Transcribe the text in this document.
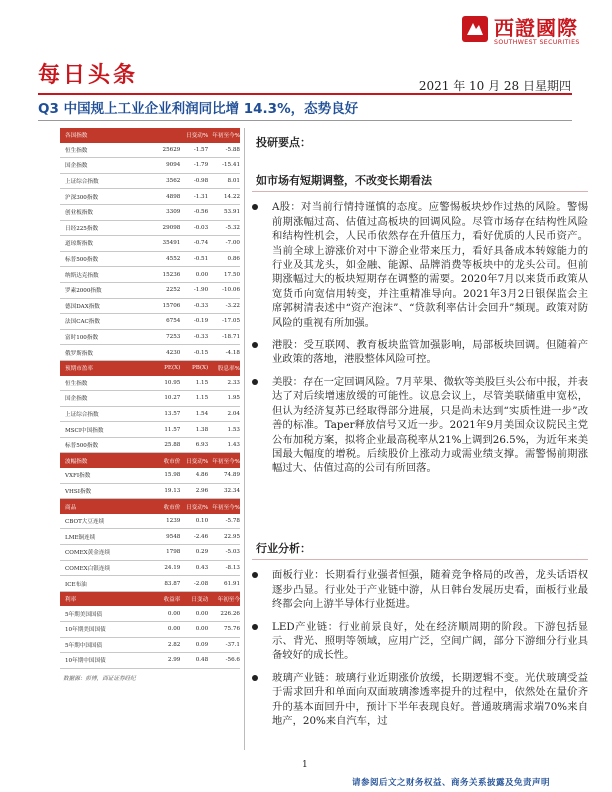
西證國際
SOUTHWEST SECURITIES
每日头条	2021 年 10 月 28 日星期四
Q3 中国规上工业企业利润同比增 14.3%，态势良好
各国指数	日变动% 年初至今%
恒生指数	25629	-1.57	-5.88
国企指数	9094	-1.79	-15.41
上证综合指数	3562	-0.98	8.01
沪深300指数	4898	-1.31	14.22
创业板指数	3309	-0.56	53.91
日经225指数	29098	-0.03	-5.32
道琼斯指数	35491	-0.74	-7.00
标普500指数	4552	-0.51	0.86
纳斯达克指数	15236	0.00	17.50
罗素2000指数	2252	-1.90	-10.06
德国DAX指数	15706	-0.33	-3.22
法国CAC指数	6754	-0.19	-17.05
富时100指数	7253	-0.33	-18.71
俄罗斯指数	4230	-0.15	-4.18
预期市盈率	PE(X)	PB(X)	股息率%
恒生指数	10.95	1.15	2.33
国企指数	10.27	1.15	1.95
上证综合指数	13.57	1.54	2.04
MSCI中国指数	11.57	1.38	1.53
标普500指数	25.88	6.93	1.43
波幅指数	收市价	日变动% 年初至今%
VXFI指数	15.98	4.86	74.89
VHSI指数	19.13	2.96	32.34
商品	收市价	日变动% 年初至今%
CBOT大豆连续	1239	0.10	-5.78
LME铜连续	9548	-2.46	22.95
COMEX黄金连续	1798	0.29	-5.03
COMEX白银连续	24.19	0.43	-8.13
ICE布油	83.87	-2.08	61.91
利率	收益率	日变动	年初至今
5年期美国国债	0.00	0.00	226.26
10年期美国国债	0.00	0.00	75.76
5年期中国国债	2.82	0.09	-37.1
10年期中国国债	2.99	0.48	-56.6
数据源：彭博，西证证券经纪
投研要点：
如市场有短期调整，不改变长期看法
A股：对当前行情持谨慎的态度。应警惕板块炒作过热的风险。警惕前期涨幅过高、估值过高板块的回调风险。尽管市场存在结构性风险和结构性机会，人民币依然存在升值压力，看好优质的人民币资产。当前全球上游涨价对中下游企业带来压力，看好具备成本转嫁能力的行业及其龙头，如金融、能源、品牌消费等板块中的龙头公司。但前期涨幅过大的板块短期存在调整的需要。2020年7月以来货币政策从宽货币向宽信用转变，并注重精准导向。2021年3月2日银保监会主席郭树清表述中“资产泡沫”、“贷款利率估计会回升”频现。政策对防风险的重视有所加强。
港股：受互联网、教育板块监管加强影响，局部板块回调。但随着产业政策的落地，港股整体风险可控。
美股：存在一定回调风险。7月苹果、微软等美股巨头公布中报，并表达了对后续增速放缓的可能性。议息会议上，尽管美联储重申宽松，但认为经济复苏已经取得部分进展，只是尚未达到“实质性进一步”改善的标准。Taper释放信号又近一步。2021年9月美国众议院民主党公布加税方案，拟将企业最高税率从21%上调到26.5%，为近年来美国最大幅度的增税。后续股价上涨动力或需业绩支撑。需警惕前期涨幅过大、估值过高的公司有所回落。
行业分析：
面板行业：长期看行业强者恒强，随着竞争格局的改善，龙头话语权逐步凸显。行业处于产业链中游，从日韩台发展历史看，面板行业最终都会向上游半导体行业挺进。
LED产业链：行业前景良好，处在经济顺周期的阶段。下游包括显示、背光、照明等领域，应用广泛，空间广阔，部分下游细分行业具备较好的成长性。
玻璃产业链：玻璃行业近期涨价放缓，长期逻辑不变。光伏玻璃受益于需求回升和单面向双面玻璃渗透率提升的过程中，依然处在量价齐升的基本面回升中，预计下半年表现良好。普通玻璃需求端70%来自地产，20%来自汽车，过
1
请参阅后文之财务权益、商务关系披露及免责声明
